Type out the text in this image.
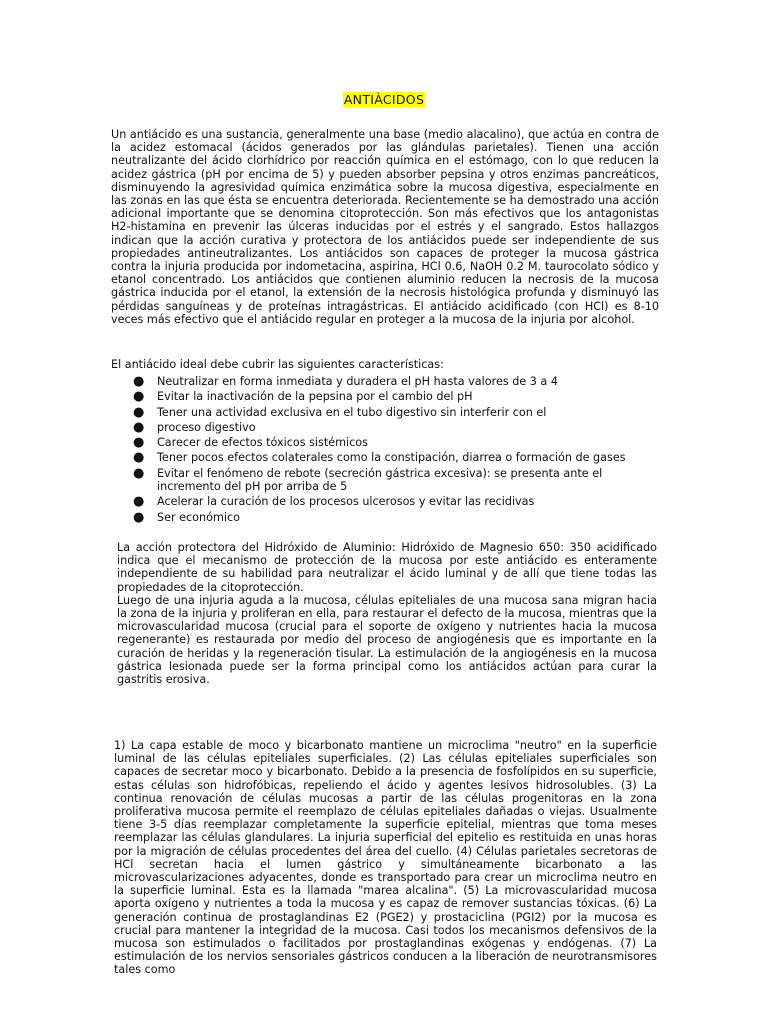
ANTIÀCIDOS

Un antiácido es una sustancia, generalmente una base (medio alacalino), que actúa en contra de la acidez estomacal (ácidos generados por las glándulas parietales). Tienen una acción neutralizante del ácido clorhídrico por reacción química en el estómago, con lo que reducen la acidez gástrica (pH por encima de 5) y pueden absorber pepsina y otros enzimas pancreáticos, disminuyendo la agresividad química enzimática sobre la mucosa digestiva, especialmente en las zonas en las que ésta se encuentra deteriorada. Recientemente se ha demostrado una acción adicional importante que se denomina citoprotección. Son más efectivos que los antagonistas H2-histamina en prevenir las úlceras inducidas por el estrés y el sangrado. Estos hallazgos indican que la acción curativa y protectora de los antiácidos puede ser independiente de sus propiedades antineutralizantes. Los antiácidos son capaces de proteger la mucosa gástrica contra la injuria producida por indometacina, aspirina, HCl 0.6, NaOH 0.2 M. taurocolato sódico y etanol concentrado. Los antiácidos que contienen aluminio reducen la necrosis de la mucosa gástrica inducida por el etanol, la extensión de la necrosis histológica profunda y disminuyó las pérdidas sanguíneas y de proteínas intragástricas. El antiácido acidificado (con HCl) es 8-10 veces más efectivo que el antiácido regular en proteger a la mucosa de la injuria por alcohol.

El antiácido ideal debe cubrir las siguientes características:

● Neutralizar en forma inmediata y duradera el pH hasta valores de 3 a 4
● Evitar la inactivación de la pepsina por el cambio del pH
● Tener una actividad exclusiva en el tubo digestivo sin interferir con el
● proceso digestivo
● Carecer de efectos tóxicos sistémicos
● Tener pocos efectos colaterales como la constipación, diarrea o formación de gases
● Evitar el fenómeno de rebote (secreción gástrica excesiva): se presenta ante el incremento del pH por arriba de 5
● Acelerar la curación de los procesos ulcerosos y evitar las recidivas
● Ser económico
La acción protectora del Hidróxido de Aluminio: Hidróxido de Magnesio 650: 350 acidificado indica que el mecanismo de protección de la mucosa por este antiácido es enteramente independiente de su habilidad para neutralizar el ácido luminal y de allí que tiene todas las propiedades de la citoprotección.
Luego de una injuria aguda a la mucosa, células epiteliales de una mucosa sana migran hacia la zona de la injuria y proliferan en ella, para restaurar el defecto de la mucosa, mientras que la microvascularidad mucosa (crucial para el soporte de oxígeno y nutrientes hacia la mucosa regenerante) es restaurada por medio del proceso de angiogénesis que es importante en la curación de heridas y la regeneración tisular. La estimulación de la angiogénesis en la mucosa gástrica lesionada puede ser la forma principal como los antiácidos actúan para curar la gastritis erosiva.

1) La capa estable de moco y bicarbonato mantiene un microclima "neutro" en la superficie luminal de las células epiteliales superficiales. (2) Las células epiteliales superficiales son capaces de secretar moco y bicarbonato. Debido a la presencia de fosfolípidos en su superficie, estas células son hidrofóbicas, repeliendo el ácido y agentes lesivos hidrosolubles. (3) La continua renovación de células mucosas a partir de las células progenitoras en la zona proliferativa mucosa permite el reemplazo de células epiteliales dañadas o viejas. Usualmente tiene 3-5 días reemplazar completamente la superficie epitelial, mientras que toma meses reemplazar las células glandulares. La injuria superficial del epitelio es restituida en unas horas por la migración de células procedentes del área del cuello. (4) Células parietales secretoras de HCl secretan hacia el lumen gástrico y simultáneamente bicarbonato a las microvascularizaciones adyacentes, donde es transportado para crear un microclima neutro en la superficie luminal. Esta es la llamada "marea alcalina". (5) La microvascularidad mucosa aporta oxígeno y nutrientes a toda la mucosa y es capaz de remover sustancias tóxicas. (6) La generación continua de prostaglandinas E2 (PGE2) y prostaciclina (PGI2) por la mucosa es crucial para mantener la integridad de la mucosa. Casi todos los mecanismos defensivos de la mucosa son estimulados o facilitados por prostaglandinas exógenas y endógenas. (7) La estimulación de los nervios sensoriales gástricos conducen a la liberación de neurotransmisores tales como
